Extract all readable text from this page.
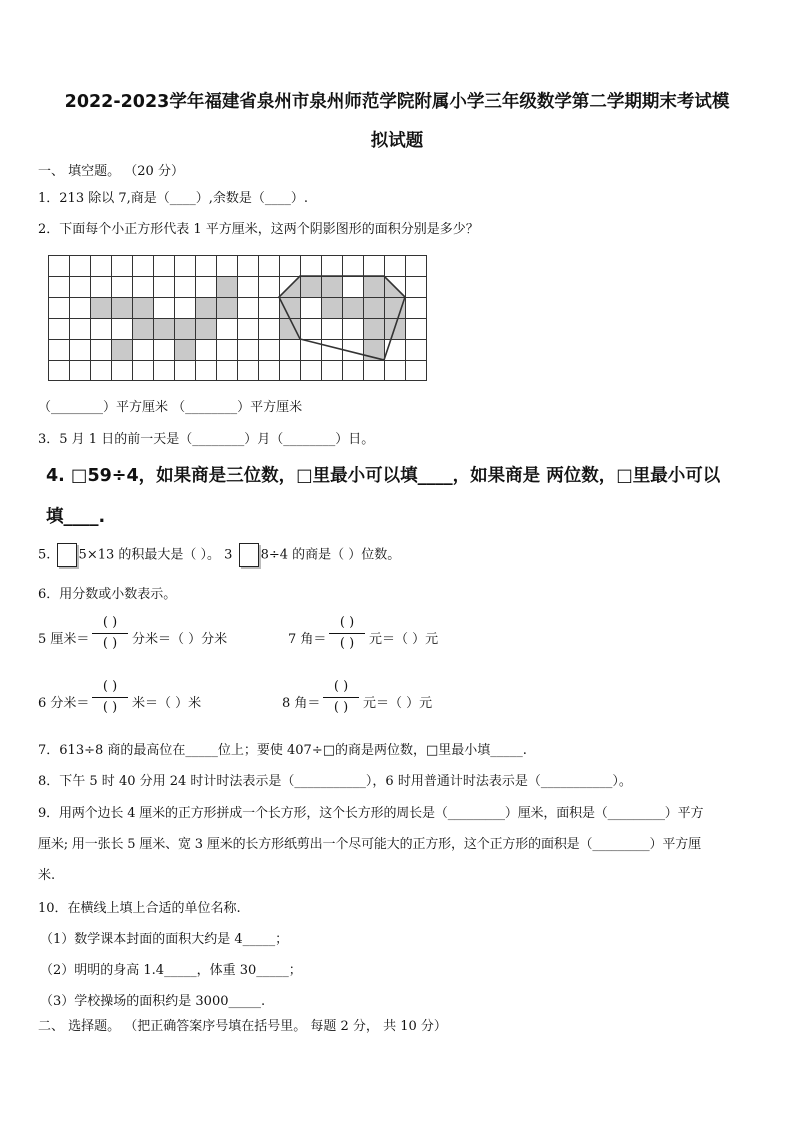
2022-2023学年福建省泉州市泉州师范学院附属小学三年级数学第二学期期末考试模
拟试题
一、 填空题。 （20 分）
1．213 除以 7,商是（____）,余数是（____）.
2．下面每个小正方形代表 1 平方厘米，这两个阴影图形的面积分别是多少？
（________）平方厘米 （________）平方厘米
3．5 月 1 日的前一天是（________）月（________）日。
4. □59÷4，如果商是三位数，□里最小可以填____，如果商是 两位数，□里最小可以
填____.
5. 5×13 的积最大是（ ）。 3 8÷4 的商是（ ）位数。
6．用分数或小数表示。
5 厘米＝
( )
( )	分米＝（ ）分米	7 角＝
( )
( )	元＝（ ）元
6 分米＝
( )
( )	米＝（ ）米	8 角＝
( )
( )	元＝（ ）元
7．613÷8 商的最高位在_____位上；要使 407÷□的商是两位数，□里最小填_____.
8．下午 5 时 40 分用 24 时计时法表示是（___________），6 时用普通计时法表示是（___________）。
9．用两个边长 4 厘米的正方形拼成一个长方形，这个长方形的周长是（_________）厘米，面积是（_________）平方
厘米; 用一张长 5 厘米、宽 3 厘米的长方形纸剪出一个尽可能大的正方形，这个正方形的面积是（_________）平方厘
米.
10．在横线上填上合适的单位名称.
（1）数学课本封面的面积大约是 4_____；
（2）明明的身高 1.4_____，体重 30_____；
（3）学校操场的面积约是 3000_____.
二、 选择题。 （把正确答案序号填在括号里。 每题 2 分， 共 10 分）
